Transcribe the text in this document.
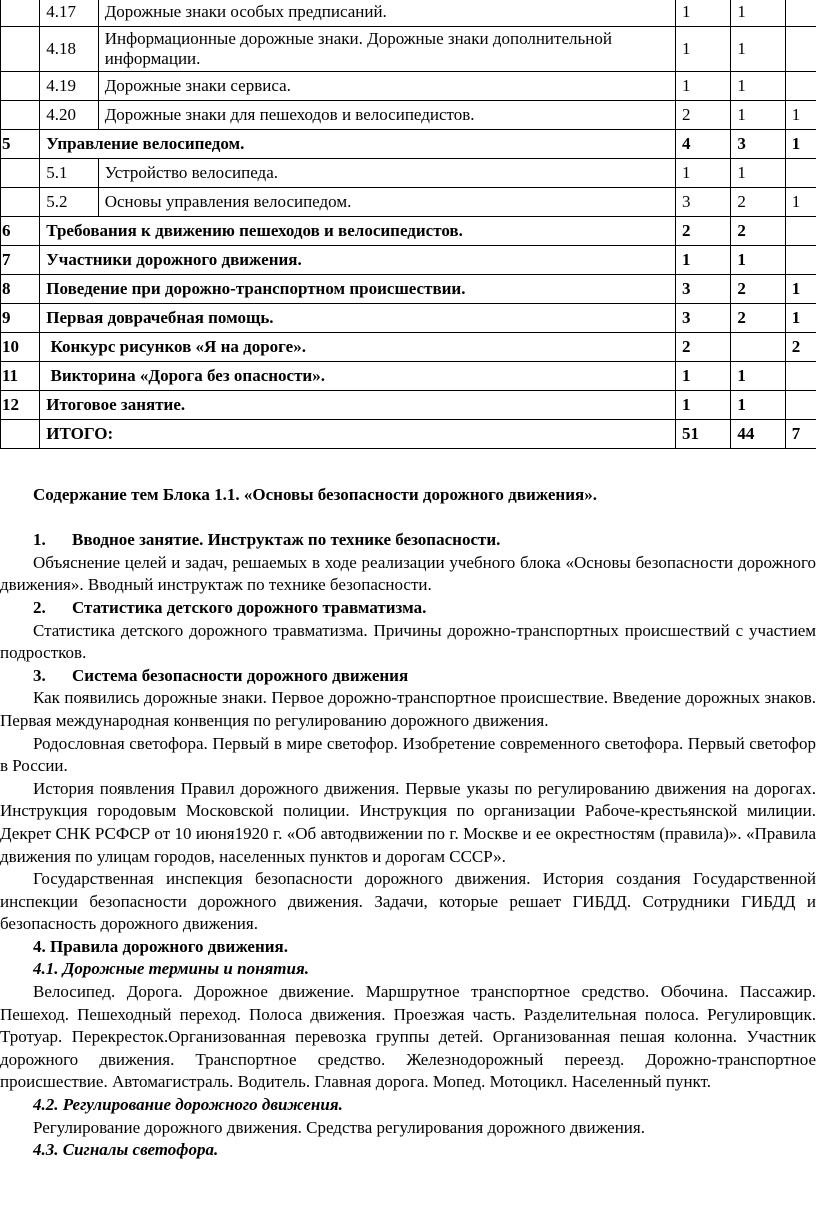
	4.17	Дорожные знаки особых предписаний.	1	1	
	4.18	Информационные дорожные знаки. Дорожные знаки дополнительной информации.	1	1	
	4.19	Дорожные знаки сервиса.	1	1	
	4.20	Дорожные знаки для пешеходов и велосипедистов.	2	1	1
5	Управление велосипедом.		4	3	1
	5.1	Устройство велосипеда.	1	1	
	5.2	Основы управления велосипедом.	3	2	1
6	Требования к движению пешеходов и велосипедистов.		2	2	
7	Участники дорожного движения.		1	1	
8	Поведение при дорожно-транспортном происшествии.		3	2	1
9	Первая доврачебная помощь.		3	2	1
10	Конкурс рисунков «Я на дороге».		2		2
11	Викторина «Дорога без опасности».		1	1	
12	Итоговое занятие.		1	1	
	ИТОГО:		51	44	7
Содержание тем Блока 1.1. «Основы безопасности дорожного движения».
1. Вводное занятие. Инструктаж по технике безопасности.

Объяснение целей и задач, решаемых в ходе реализации учебного блока «Основы безопасности дорожного движения». Вводный инструктаж по технике безопасности.

2. Статистика детского дорожного травматизма.

Статистика детского дорожного травматизма. Причины дорожно-транспортных происшествий с участием подростков.

3. Система безопасности дорожного движения

Как появились дорожные знаки. Первое дорожно-транспортное происшествие. Введение дорожных знаков. Первая международная конвенция по регулированию дорожного движения.

Родословная светофора. Первый в мире светофор. Изобретение современного светофора. Первый светофор в России.

История появления Правил дорожного движения. Первые указы по регулированию движения на дорогах. Инструкция городовым Московской полиции. Инструкция по организации Рабоче-крестьянской милиции. Декрет СНК РСФСР от 10 июня1920 г. «Об автодвижении по г. Москве и ее окрестностям (правила)». «Правила движения по улицам городов, населенных пунктов и дорогам СССР».

Государственная инспекция безопасности дорожного движения. История создания Государственной инспекции безопасности дорожного движения. Задачи, которые решает ГИБДД. Сотрудники ГИБДД и безопасность дорожного движения.

4. Правила дорожного движения.
4.1. Дорожные термины и понятия.

Велосипед. Дорога. Дорожное движение. Маршрутное транспортное средство. Обочина. Пассажир. Пешеход. Пешеходный переход. Полоса движения. Проезжая часть. Разделительная полоса. Регулировщик. Тротуар. Перекресток.Организованная перевозка группы детей. Организованная пешая колонна. Участник дорожного движения. Транспортное средство. Железнодорожный переезд. Дорожно-транспортное происшествие. Автомагистраль. Водитель. Главная дорога. Мопед. Мотоцикл. Населенный пункт.

4.2. Регулирование дорожного движения.

Регулирование дорожного движения. Средства регулирования дорожного движения.

4.3. Сигналы светофора.
